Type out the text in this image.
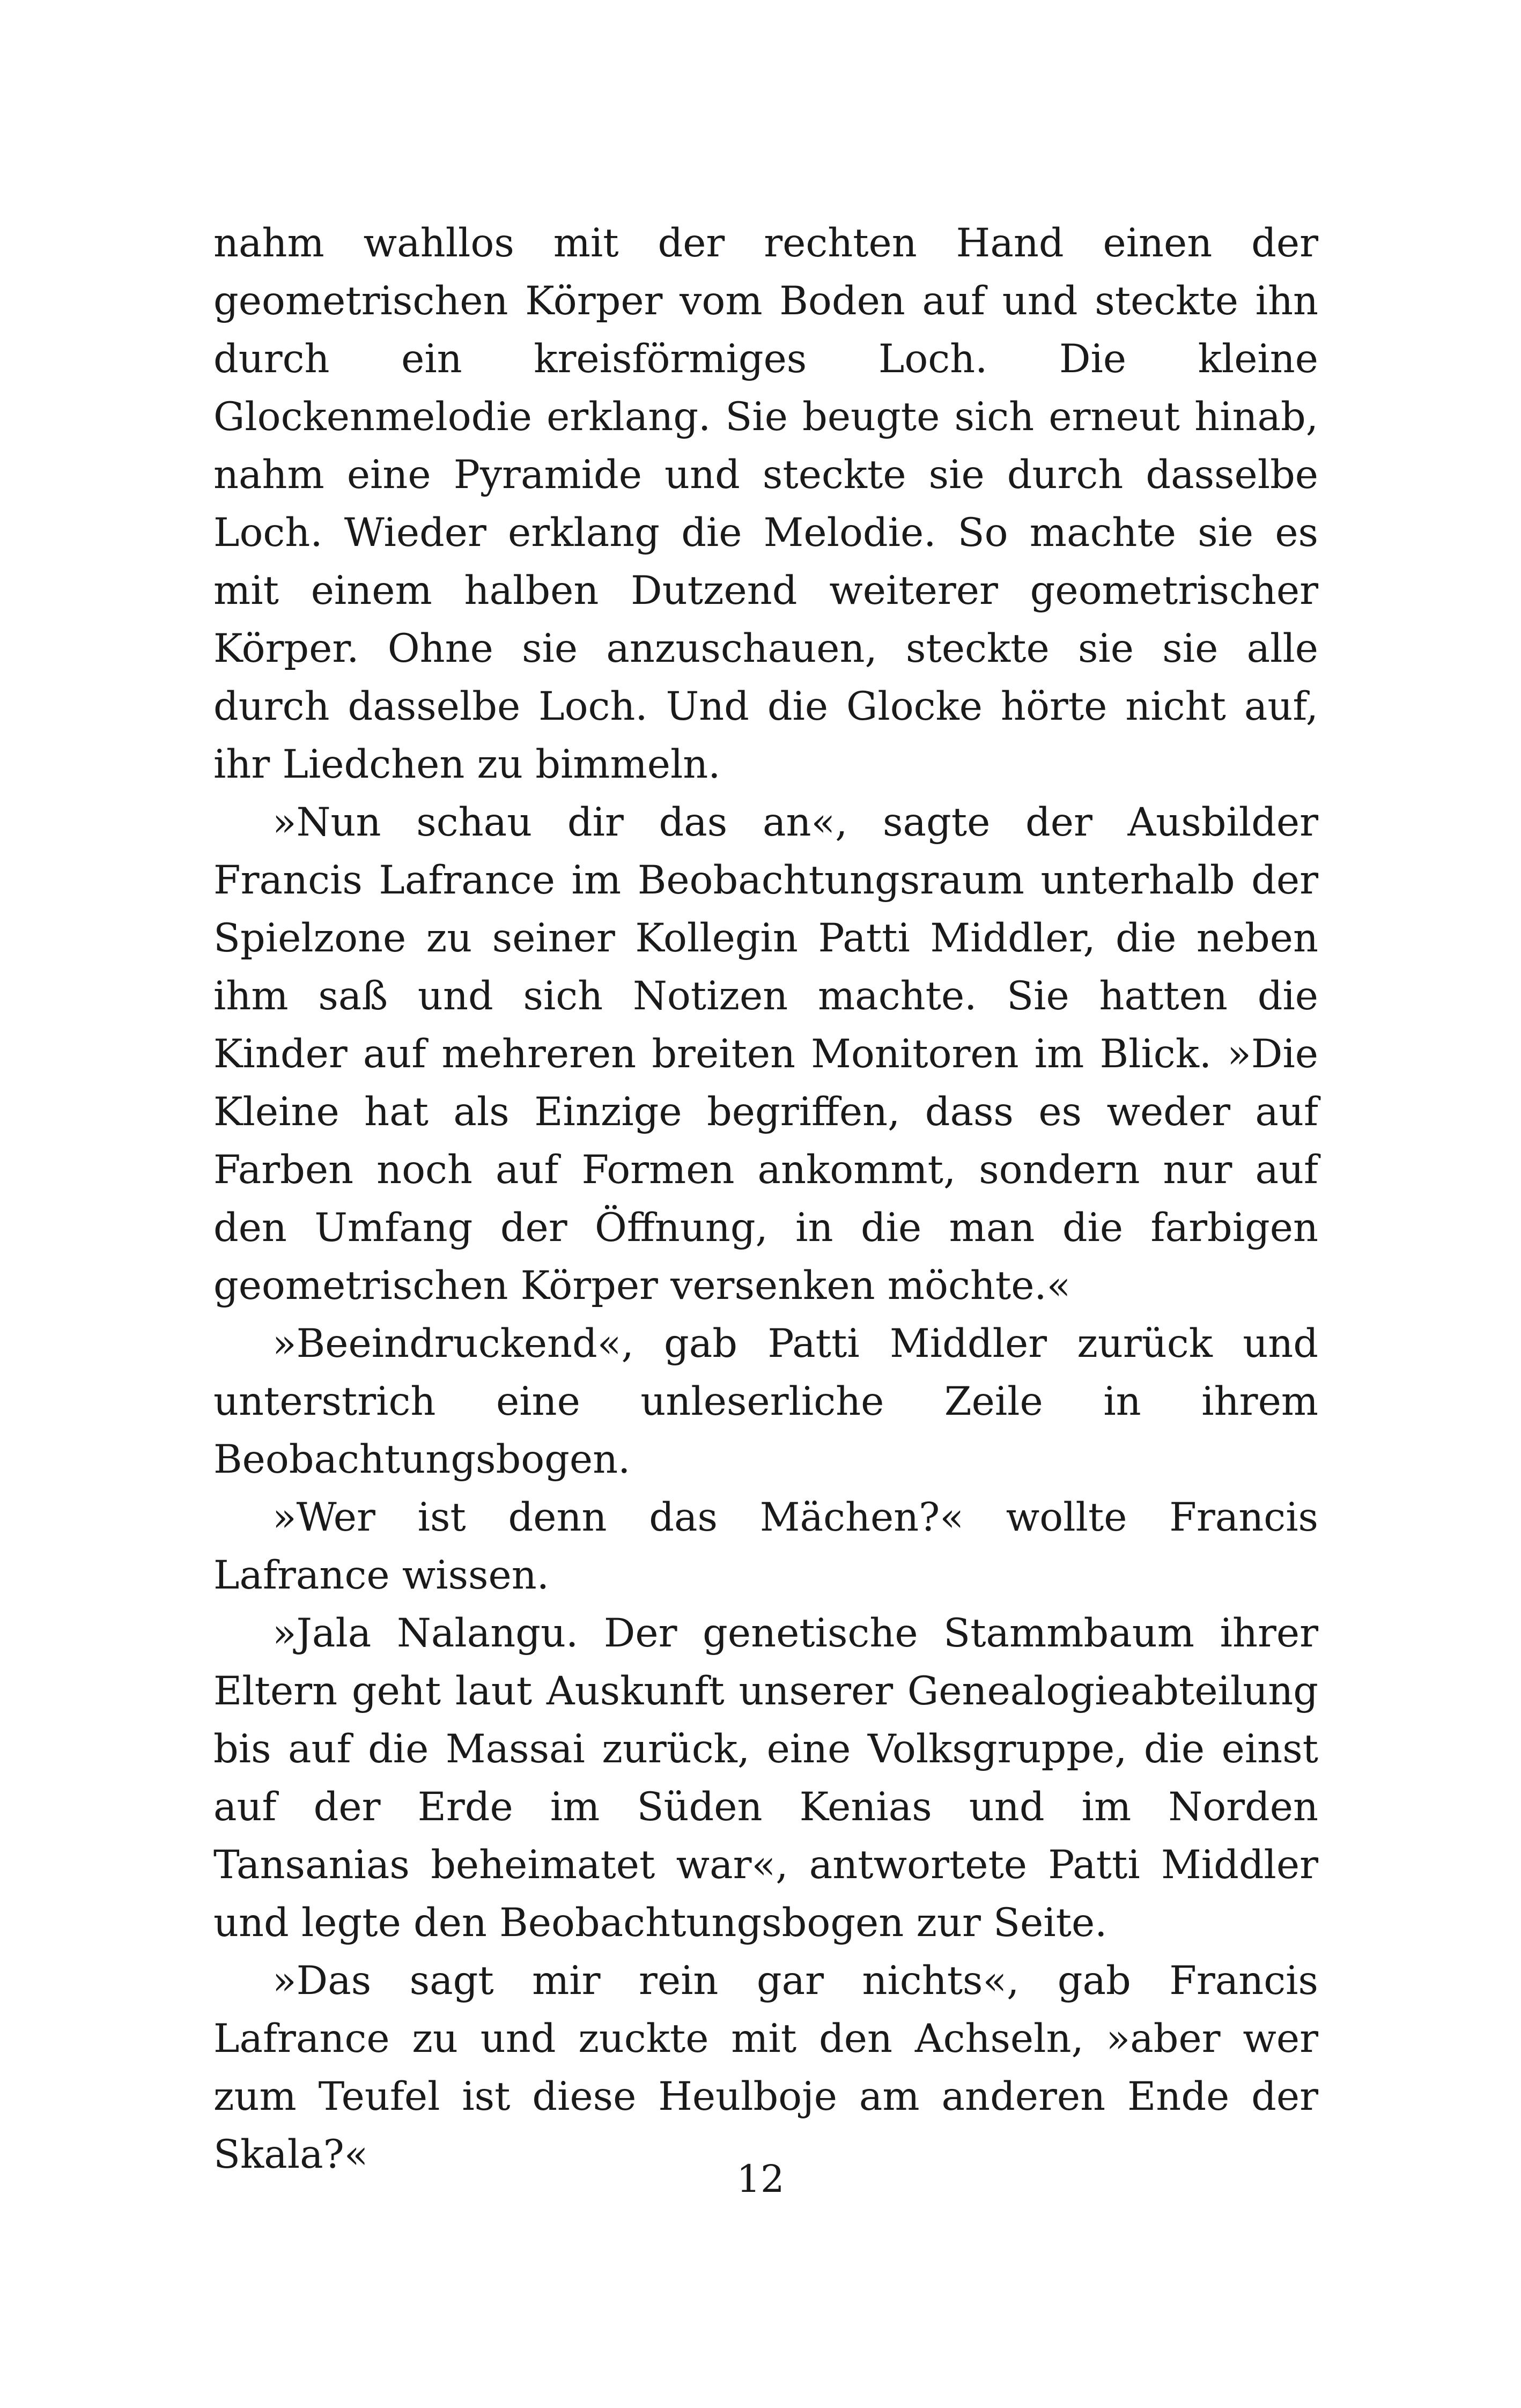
nahm wahllos mit der rechten Hand einen der geometrischen Körper vom Boden auf und steckte ihn durch ein kreisförmiges Loch. Die kleine Glockenmelodie erklang. Sie beugte sich erneut hinab, nahm eine Pyramide und steckte sie durch dasselbe Loch. Wieder erklang die Melodie. So machte sie es mit einem halben Dutzend weiterer geometrischer Körper. Ohne sie anzuschauen, steckte sie sie alle durch dasselbe Loch. Und die Glocke hörte nicht auf, ihr Liedchen zu bimmeln.

»Nun schau dir das an«, sagte der Ausbilder Francis Lafrance im Beobachtungsraum unterhalb der Spielzone zu seiner Kollegin Patti Middler, die neben ihm saß und sich Notizen machte. Sie hatten die Kinder auf mehreren breiten Monitoren im Blick. »Die Kleine hat als Einzige begriffen, dass es weder auf Farben noch auf Formen ankommt, sondern nur auf den Umfang der Öffnung, in die man die farbigen geometrischen Körper versenken möchte.«

»Beeindruckend«, gab Patti Middler zurück und unterstrich eine unleserliche Zeile in ihrem Beobachtungsbogen.

»Wer ist denn das Mächen?« wollte Francis Lafrance wissen.

»Jala Nalangu. Der genetische Stammbaum ihrer Eltern geht laut Auskunft unserer Genealogieabteilung bis auf die Massai zurück, eine Volksgruppe, die einst auf der Erde im Süden Kenias und im Norden Tansanias beheimatet war«, antwortete Patti Middler und legte den Beobachtungsbogen zur Seite.

»Das sagt mir rein gar nichts«, gab Francis Lafrance zu und zuckte mit den Achseln, »aber wer zum Teufel ist diese Heulboje am anderen Ende der Skala?«

12
